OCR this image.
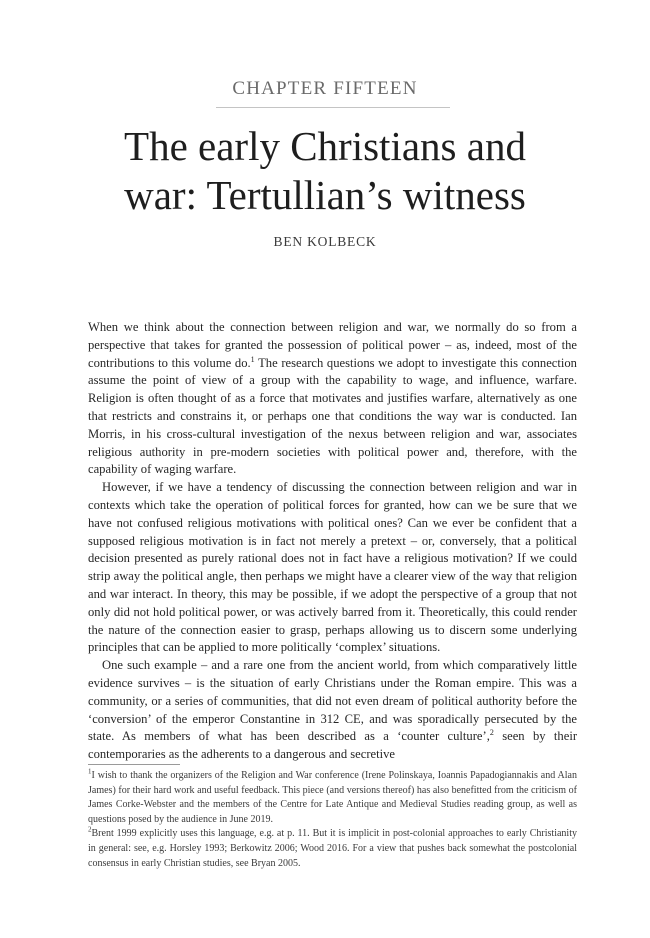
CHAPTER FIFTEEN
The early Christians and
war: Tertullian’s witness
BEN KOLBECK

When we think about the connection between religion and war, we normally do so from a perspective that takes for granted the possession of political power – as, indeed, most of the contributions to this volume do.$^1$ The research questions we adopt to investigate this connection assume the point of view of a group with the capability to wage, and influence, warfare. Religion is often thought of as a force that motivates and justifies warfare, alternatively as one that restricts and constrains it, or perhaps one that conditions the way war is conducted. Ian Morris, in his cross-cultural investigation of the nexus between religion and war, associates religious authority in pre-modern societies with political power and, therefore, with the capability of waging warfare.

However, if we have a tendency of discussing the connection between religion and war in contexts which take the operation of political forces for granted, how can we be sure that we have not confused religious motivations with political ones? Can we ever be confident that a supposed religious motivation is in fact not merely a pretext – or, conversely, that a political decision presented as purely rational does not in fact have a religious motivation? If we could strip away the political angle, then perhaps we might have a clearer view of the way that religion and war interact. In theory, this may be possible, if we adopt the perspective of a group that not only did not hold political power, or was actively barred from it. Theoretically, this could render the nature of the connection easier to grasp, perhaps allowing us to discern some underlying principles that can be applied to more politically ‘complex’ situations.

One such example – and a rare one from the ancient world, from which comparatively little evidence survives – is the situation of early Christians under the Roman empire. This was a community, or a series of communities, that did not even dream of political authority before the ‘conversion’ of the emperor Constantine in 312 CE, and was sporadically persecuted by the state. As members of what has been described as a ‘counter culture’,$^2$ seen by their contemporaries as the adherents to a dangerous and secretive

$^1$I wish to thank the organizers of the Religion and War conference (Irene Polinskaya, Ioannis Papadogiannakis and Alan James) for their hard work and useful feedback. This piece (and versions thereof) has also benefitted from the criticism of James Corke-Webster and the members of the Centre for Late Antique and Medieval Studies reading group, as well as questions posed by the audience in June 2019.

$^2$Brent 1999 explicitly uses this language, e.g. at p. 11. But it is implicit in post-colonial approaches to early Christianity in general: see, e.g. Horsley 1993; Berkowitz 2006; Wood 2016. For a view that pushes back somewhat the postcolonial consensus in early Christian studies, see Bryan 2005.
